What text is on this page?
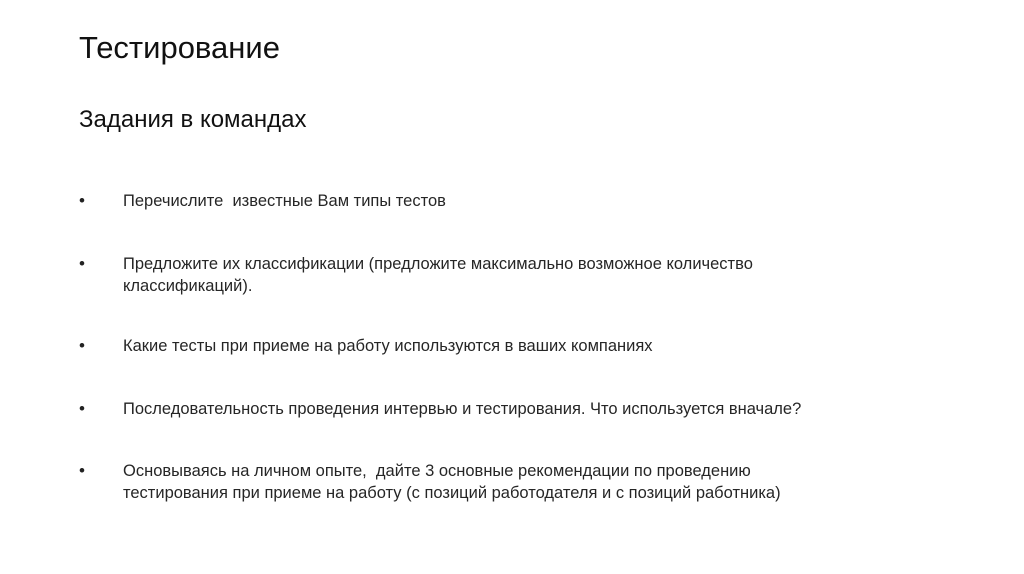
Тестирование
Задания в командах
• Перечислите  известные Вам типы тестов
• Предложите их классификации (предложите максимально возможное количество
классификаций).
• Какие тесты при приеме на работу используются в ваших компаниях
• Последовательность проведения интервью и тестирования. Что используется вначале?
• Основываясь на личном опыте,  дайте 3 основные рекомендации по проведению
тестирования при приеме на работу (с позиций работодателя и с позиций работника)
